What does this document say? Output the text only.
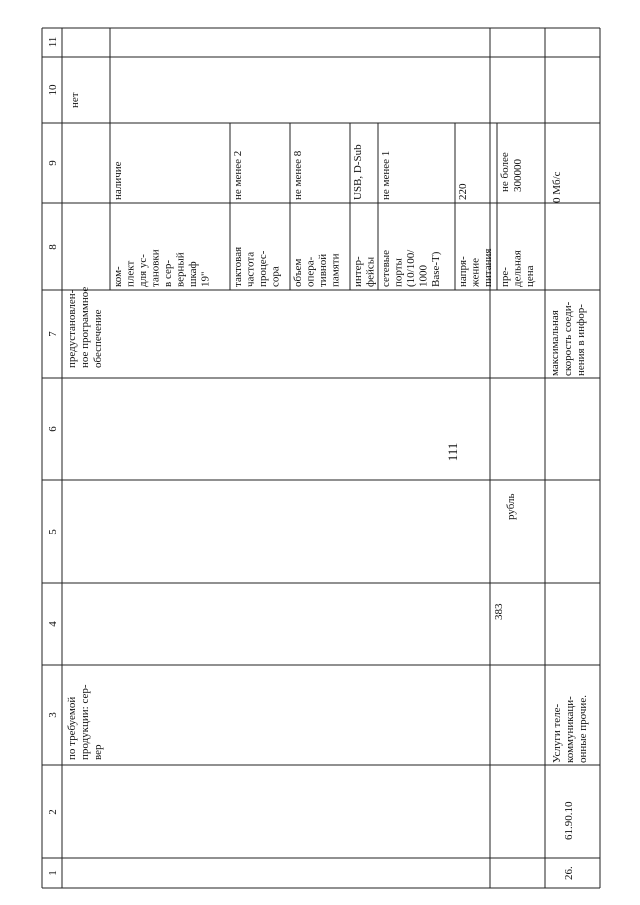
111
1
2
3
4
5
6
7
8
9
10
11
по требуемой продукции: сер- вер
предустановлен- ное программное обеспечение
нет
383
рубль
ком- плект для ус- тановки в сер- верный шкаф 19"
наличие
тактовая частота процес- сора
не менее 2
объем опера- тивной памяти
не менее 8
интер- фейсы
USB, D-Sub
сетевые порты (10/100/ 1000 Base-T)
не менее 1
напря- жение питания
220
пре- дельная цена
не более 300000
26.
61.90.10
Услуги теле- коммуникаци- онные прочие.
максимальная скорость соеди- нения в инфор-
0 Мб/с
